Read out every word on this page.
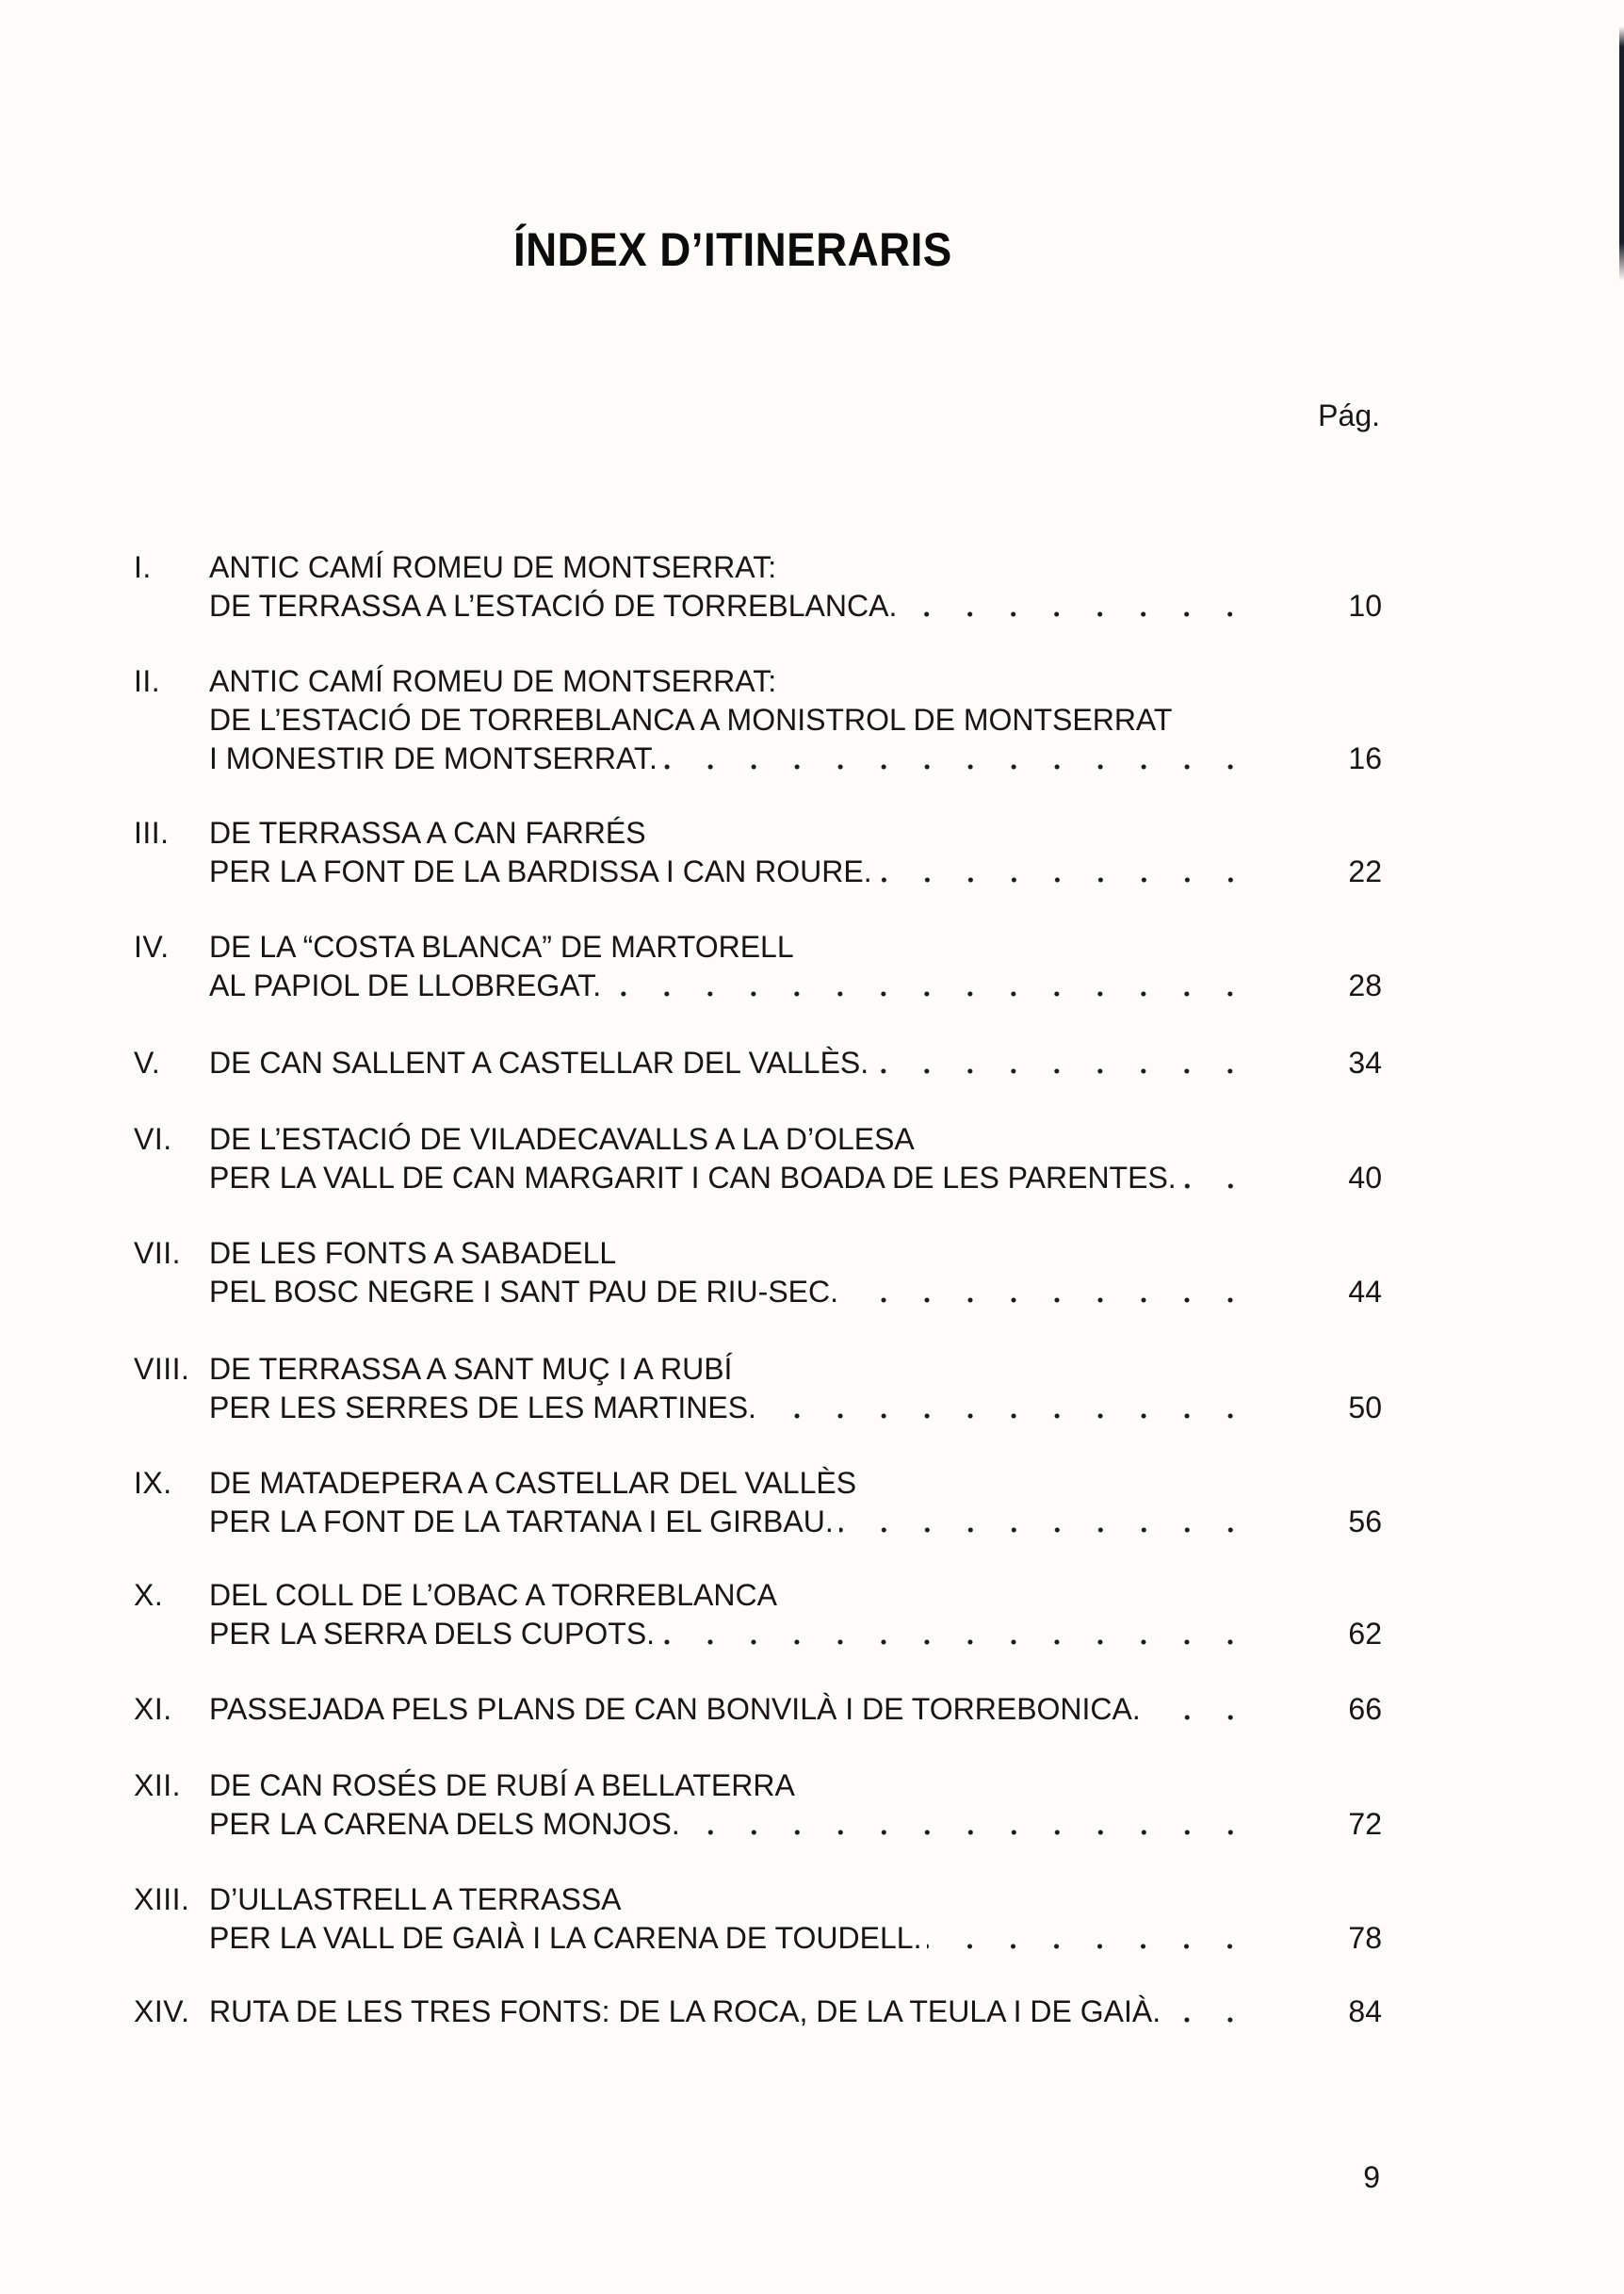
ÍNDEX D’ITINERARIS
Pág.
I. ANTIC CAMÍ ROMEU DE MONTSERRAT:
DE TERRASSA A L’ESTACIÓ DE TORREBLANCA.	10
II. ANTIC CAMÍ ROMEU DE MONTSERRAT:
DE L’ESTACIÓ DE TORREBLANCA A MONISTROL DE MONTSERRAT
I MONESTIR DE MONTSERRAT.	16
III. DE TERRASSA A CAN FARRÉS
PER LA FONT DE LA BARDISSA I CAN ROURE.	22
IV. DE LA “COSTA BLANCA” DE MARTORELL
AL PAPIOL DE LLOBREGAT.	28
V. DE CAN SALLENT A CASTELLAR DEL VALLÈS.	34
VI. DE L’ESTACIÓ DE VILADECAVALLS A LA D’OLESA
PER LA VALL DE CAN MARGARIT I CAN BOADA DE LES PARENTES.	40
VII. DE LES FONTS A SABADELL
PEL BOSC NEGRE I SANT PAU DE RIU-SEC.	44
VIII. DE TERRASSA A SANT MUÇ I A RUBÍ
PER LES SERRES DE LES MARTINES.	50
IX. DE MATADEPERA A CASTELLAR DEL VALLÈS
PER LA FONT DE LA TARTANA I EL GIRBAU.	56
X. DEL COLL DE L’OBAC A TORREBLANCA
PER LA SERRA DELS CUPOTS.	62
XI. PASSEJADA PELS PLANS DE CAN BONVILÀ I DE TORREBONICA.	66
XII. DE CAN ROSÉS DE RUBÍ A BELLATERRA
PER LA CARENA DELS MONJOS.	72
XIII. D’ULLASTRELL A TERRASSA
PER LA VALL DE GAIÀ I LA CARENA DE TOUDELL.	78
XIV. RUTA DE LES TRES FONTS: DE LA ROCA, DE LA TEULA I DE GAIÀ.	84
9
